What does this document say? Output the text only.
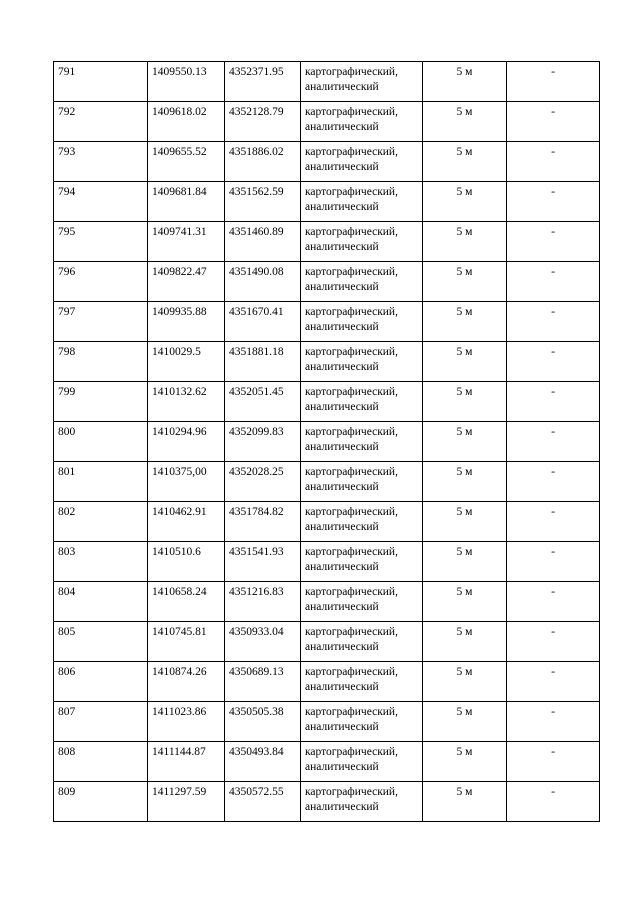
791	1409550.13	4352371.95	картографический,
аналитический	5 м	-
792	1409618.02	4352128.79	картографический,
аналитический	5 м	-
793	1409655.52	4351886.02	картографический,
аналитический	5 м	-
794	1409681.84	4351562.59	картографический,
аналитический	5 м	-
795	1409741.31	4351460.89	картографический,
аналитический	5 м	-
796	1409822.47	4351490.08	картографический,
аналитический	5 м	-
797	1409935.88	4351670.41	картографический,
аналитический	5 м	-
798	1410029.5	4351881.18	картографический,
аналитический	5 м	-
799	1410132.62	4352051.45	картографический,
аналитический	5 м	-
800	1410294.96	4352099.83	картографический,
аналитический	5 м	-
801	1410375,00	4352028.25	картографический,
аналитический	5 м	-
802	1410462.91	4351784.82	картографический,
аналитический	5 м	-
803	1410510.6	4351541.93	картографический,
аналитический	5 м	-
804	1410658.24	4351216.83	картографический,
аналитический	5 м	-
805	1410745.81	4350933.04	картографический,
аналитический	5 м	-
806	1410874.26	4350689.13	картографический,
аналитический	5 м	-
807	1411023.86	4350505.38	картографический,
аналитический	5 м	-
808	1411144.87	4350493.84	картографический,
аналитический	5 м	-
809	1411297.59	4350572.55	картографический,
аналитический	5 м	-
